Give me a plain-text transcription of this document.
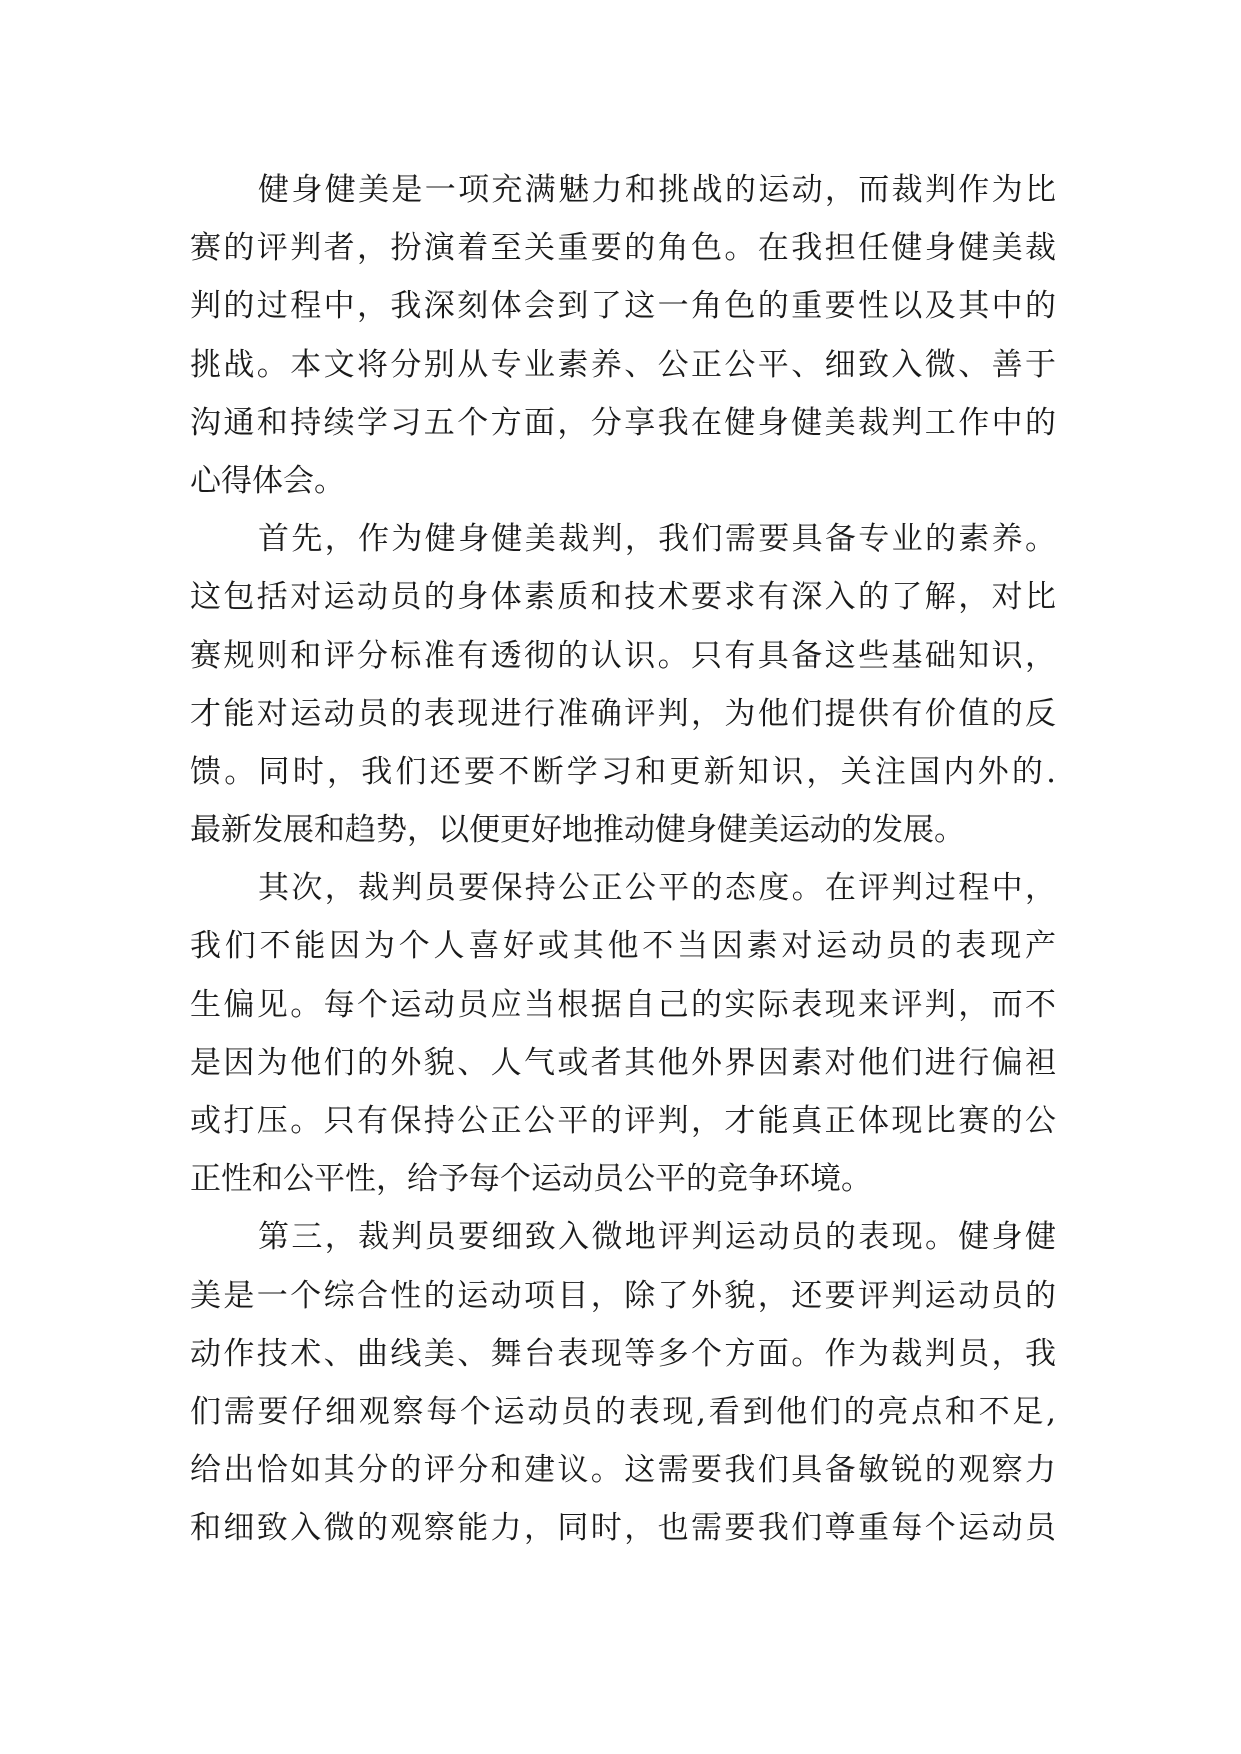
健身健美是一项充满魅力和挑战的运动，而裁判作为比
赛的评判者，扮演着至关重要的角色。在我担任健身健美裁
判的过程中，我深刻体会到了这一角色的重要性以及其中的
挑战。本文将分别从专业素养、公正公平、细致入微、善于
沟通和持续学习五个方面，分享我在健身健美裁判工作中的
心得体会。
首先，作为健身健美裁判，我们需要具备专业的素养。
这包括对运动员的身体素质和技术要求有深入的了解，对比
赛规则和评分标准有透彻的认识。只有具备这些基础知识，
才能对运动员的表现进行准确评判，为他们提供有价值的反
馈。同时，我们还要不断学习和更新知识，关注国内外的.
最新发展和趋势，以便更好地推动健身健美运动的发展。
其次，裁判员要保持公正公平的态度。在评判过程中，
我们不能因为个人喜好或其他不当因素对运动员的表现产
生偏见。每个运动员应当根据自己的实际表现来评判，而不
是因为他们的外貌、人气或者其他外界因素对他们进行偏袒
或打压。只有保持公正公平的评判，才能真正体现比赛的公
正性和公平性，给予每个运动员公平的竞争环境。
第三，裁判员要细致入微地评判运动员的表现。健身健
美是一个综合性的运动项目，除了外貌，还要评判运动员的
动作技术、曲线美、舞台表现等多个方面。作为裁判员，我
们需要仔细观察每个运动员的表现,看到他们的亮点和不足,
给出恰如其分的评分和建议。这需要我们具备敏锐的观察力
和细致入微的观察能力，同时，也需要我们尊重每个运动员
